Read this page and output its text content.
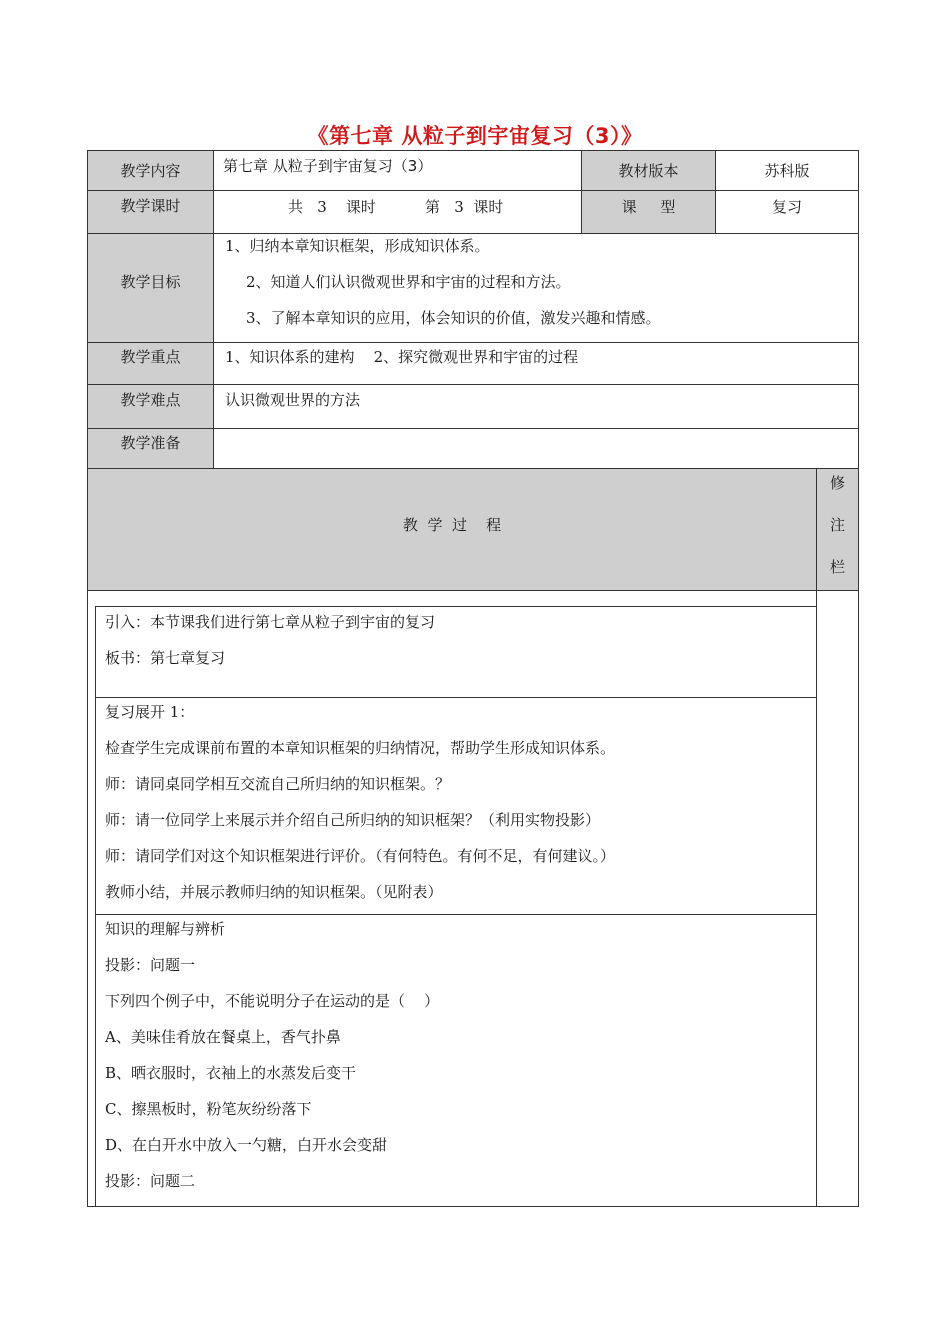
《第七章 从粒子到宇宙复习（3）》
教学内容	第七章 从粒子到宇宙复习（3）	教材版本	苏科版
教学课时	共   3    课时	第   3  课时	课     型	复习
教学目标
1、归纳本章知识框架，形成知识体系。
2、知道人们认识微观世界和宇宙的过程和方法。
3、了解本章知识的应用，体会知识的价值，激发兴趣和情感。
教学重点	1、知识体系的建构    2、探究微观世界和宇宙的过程
教学难点	认识微观世界的方法
教学准备
教  学  过    程
修
注
栏
引入：本节课我们进行第七章从粒子到宇宙的复习
板书：第七章复习
复习展开 1：
检查学生完成课前布置的本章知识框架的归纳情况，帮助学生形成知识体系。
师：请同桌同学相互交流自己所归纳的知识框架。？
师：请一位同学上来展示并介绍自己所归纳的知识框架？（利用实物投影）
师：请同学们对这个知识框架进行评价。（有何特色。有何不足，有何建议。）
教师小结，并展示教师归纳的知识框架。（见附表）
知识的理解与辨析
投影：问题一
下列四个例子中，不能说明分子在运动的是（    ）
A、美味佳肴放在餐桌上，香气扑鼻
B、晒衣服时，衣袖上的水蒸发后变干
C、擦黑板时，粉笔灰纷纷落下
D、在白开水中放入一勺糖，白开水会变甜
投影：问题二
